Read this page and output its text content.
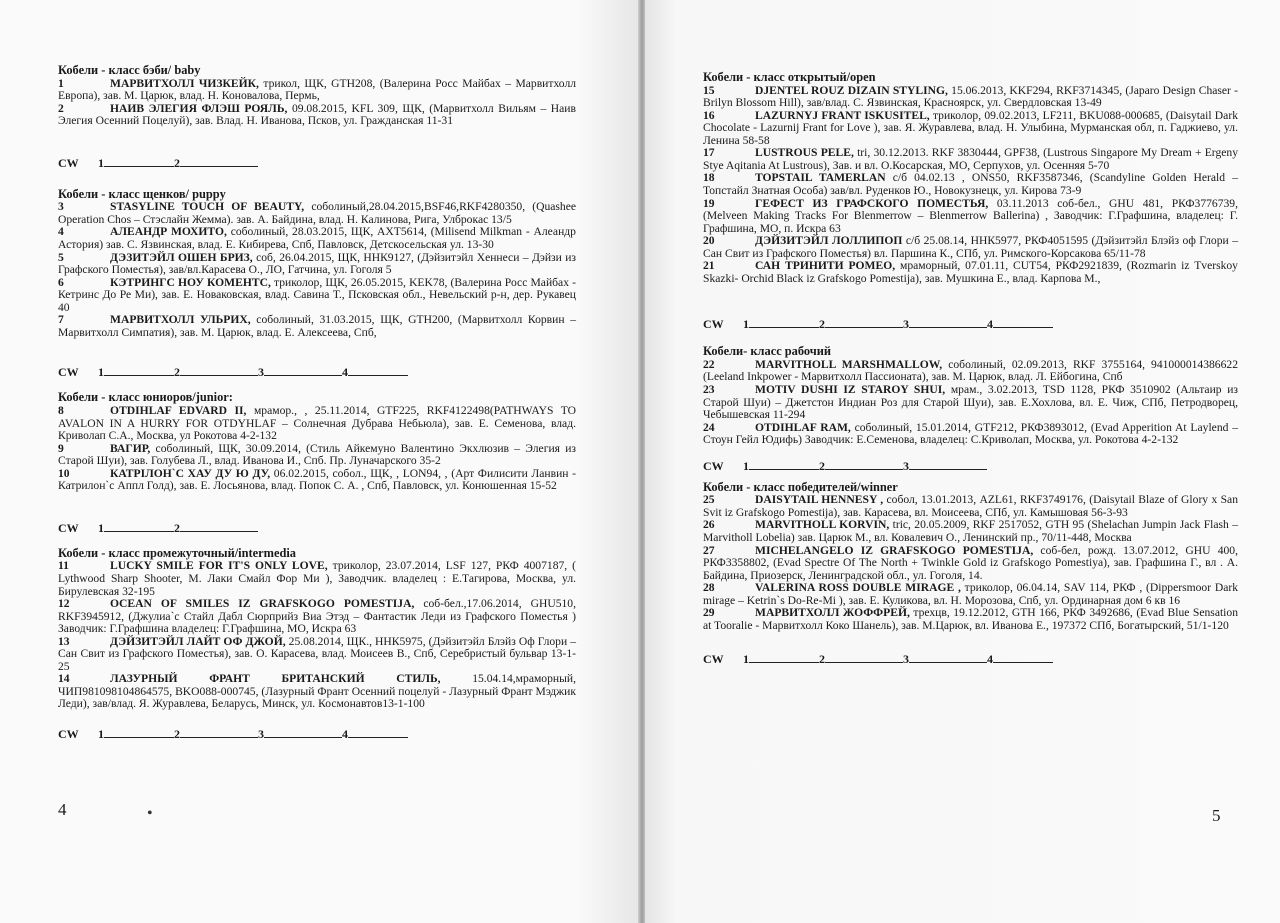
Кобели - класс бэби/ baby
1	МАРВИТХОЛЛ ЧИЗКЕЙК, трикол, ЩК, GTH208, (Валерина Росс Майбах – Марвитхолл Европа), зав. М. Царюк, влад. Н. Коновалова, Пермь,
2	НАИВ ЭЛЕГИЯ ФЛЭШ РОЯЛЬ, 09.08.2015, KFL 309, ЩК, (Марвитхолл Вильям – Наив Элегия Осенний Поцелуй), зав. Влад. Н. Иванова, Псков, ул. Гражданская 11-31
CW 1	2
Кобели - класс щенков/ puppy
3	STASYLINE TOUCH OF BEAUTY, соболиный,28.04.2015,BSF46,RKF4280350, (Quashee Operation Chos – Стэслайн Жемма). зав. А. Байдина, влад. Н. Калинова, Рига, Улброкас 13/5
4	АЛЕАНДР МОХИТО, соболиный, 28.03.2015, ЩК, AXT5614, (Milisend Milkman - Алеандр Астория) зав. С. Язвинская, влад. Е. Кибирева, Спб, Павловск, Детскосельская ул. 13-30
5	ДЭЗИТЭЙЛ ОШЕН БРИЗ, соб, 26.04.2015, ЩК, ННК9127, (Дэйзитэйл Хеннеси – Дэйзи из Графского Поместья), зав/вл.Карасева О., ЛО, Гатчина, ул. Гоголя 5
6	КЭТРИНГС НОУ КОМЕНТС, триколор, ЩК, 26.05.2015, KEK78, (Валерина Росс Майбах - Кетринс До Ре Ми), зав. Е. Новаковская, влад. Савина Т., Псковская обл., Невельский р-н, дер. Рукавец 40
7	МАРВИТХОЛЛ УЛЬРИХ, соболиный, 31.03.2015, ЩК, GTH200, (Марвитхолл Корвин – Марвитхолл Симпатия), зав. М. Царюк, влад. Е. Алексеева, Спб,
CW 1	2	3	4
Кобели - класс юниоров/junior:
8	OTDIHLAF EDVARD II, мрамор., , 25.11.2014, GTF225, RKF4122498(PATHWAYS TO AVALON IN A HURRY FOR OTDYHLAF – Солнечная Дубрава Небьюла), зав. Е. Семенова, влад. Криволап С.А., Москва, ул Рокотова 4-2-132
9	ВАГИР, соболиный, ЩК, 30.09.2014, (Стиль Айкемуно Валентино Экхлюзив – Элегия из Старой Шуи), зав. Голубева Л., влад. Иванова И., Спб. Пр. Луначарского 35-2
10	КАТРІЛОН`С ХАУ ДУ Ю ДУ, 06.02.2015, собол., ЩК, , LON94, , (Арт Филисити Ланвин - Катрилон`с Аппл Голд), зав. Е. Лосьянова, влад. Попок С. А. , Спб, Павловск, ул. Конюшенная 15-52
CW 1	2
Кобели - класс промежуточный/intermedia
11	LUCKY SMILE FOR IT'S ONLY LOVE, триколор, 23.07.2014, LSF 127, РКФ 4007187, ( Lythwood Sharp Shooter, М. Лаки Смайл Фор Ми ), Заводчик. владелец : Е.Тагирова, Москва, ул. Бирулевская 32-195
12	OCEAN OF SMILES IZ GRAFSKOGO POMESTIJA, соб-бел.,17.06.2014, GHU510, RKF3945912, (Джулиа`с Стайл Дабл Сюрприйз Виа Этэд – Фантастик Леди из Графского Поместья ) Заводчик: Г.Графшина владелец: Г.Графшина, МО, Искра 63
13	ДЭЙЗИТЭЙЛ ЛАЙТ ОФ ДЖОЙ, 25.08.2014, ЩК., ННК5975, (Дэйзитэйл Блэйз Оф Глори – Сан Свит из Графского Поместья), зав. О. Карасева, влад. Моисеев В., Спб, Серебристый бульвар 13-1-25
14	ЛАЗУРНЫЙ ФРАНТ БРИТАНСКИЙ СТИЛЬ,	15.04.14,мраморный, ЧИП981098104864575, BKO088-000745, (Лазурный Франт Осенний поцелуй - Лазурный Франт Мэджик Леди), зав/влад. Я. Журавлева, Беларусь, Минск, ул. Космонавтов13-1-100
CW 1	2	3	4
4	•
Кобели - класс открытый/open
15	DJENTEL ROUZ DIZAIN STYLING, 15.06.2013, KKF294, RKF3714345, (Japaro Design Chaser - Brilyn Blossom Hill), зав/влад. С. Язвинская, Красноярск, ул. Свердловская 13-49
16	LAZURNYJ FRANT ISKUSITEL, триколор, 09.02.2013, LF211, BKU088-000685, (Daisytail Dark Chocolate - Lazurnij Frant for Love ), зав. Я. Журавлева, влад. Н. Улыбина, Мурманская обл, п. Гаджиево, ул. Ленина 58-58
17	LUSTROUS PELE, tri, 30.12.2013. RKF 3830444, GPF38, (Lustrous Singapore My Dream + Ergeny Stye Aqitania At Lustrous), Зав. и вл. О.Косарская, МО, Серпухов, ул. Осенняя 5-70
18	TOPSTAIL TAMERLAN с/б 04.02.13 , ONS50, RKF3587346, (Scandyline Golden Herald – Топстайл Знатная Особа) зав/вл. Руденков Ю., Новокузнецк, ул. Кирова 73-9
19	ГЕФЕСТ ИЗ ГРАФСКОГО ПОМЕСТЬЯ, 03.11.2013 соб-бел., GHU 481, РКФ3776739, (Melveen Making Tracks For Blenmerrow – Blenmerrow Ballerina) , Заводчик: Г.Графшина, владелец: Г. Графшина, МО, п. Искра 63
20	ДЭЙЗИТЭЙЛ ЛОЛЛИПОП с/б 25.08.14, ННК5977, РКФ4051595 (Дэйзитэйл Блэйз оф Глори – Сан Свит из Графского Поместья) вл. Паршина К., СПб, ул. Римского-Корсакова 65/11-78
21	САН ТРИНИТИ РОМЕО, мраморный, 07.01.11, CUT54, РКФ2921839, (Rozmarin iz Tverskoy Skazki- Orchid Black iz Grafskogo Pomestija), зав. Мушкина Е., влад. Карпова М.,
CW 1	2	3	4
Кобели- класс рабочий
22	MARVITHOLL MARSHMALLOW, соболиный, 02.09.2013, RKF 3755164, 941000014386622 (Leeland Inkpower - Марвитхолл Пассионата), зав. М. Царюк, влад. Л. Ейбогина, Спб
23	MOTIV DUSHI IZ STAROY SHUI, мрам., 3.02.2013, TSD 1128, РКФ 3510902 (Альтаир из Старой Шуи) – Джетстон Индиан Роз для Старой Шуи), зав. Е.Хохлова, вл. Е. Чиж, СПб, Петродворец, Чебышевская 11-294
24	OTDIHLAF RAM, соболиный, 15.01.2014, GTF212, РКФ3893012, (Evad Apperition At Laylend – Стоун Гейл Юдифь) Заводчик: Е.Семенова, владелец: С.Криволап, Москва, ул. Рокотова 4-2-132
CW 1	2	3
Кобели - класс победителей/winner
25	DAISYTAIL HENNESY , собол, 13.01.2013, AZL61, RKF3749176, (Daisytail Blaze of Glory x San Svit iz Grafskogo Pomestija), зав. Карасева, вл. Моисеева, СПб, ул. Камышовая 56-3-93
26	MARVITHOLL KORVIN, tric, 20.05.2009, RKF 2517052, GTH 95 (Shelachan Jumpin Jack Flash – Marvitholl Lobelia) зав. Царюк М., вл. Ковалевич О., Ленинский пр., 70/11-448, Москва
27	MICHELANGELO IZ GRAFSKOGO POMESTIJA, соб-бел, рожд. 13.07.2012, GHU 400, РКФ3358802, (Evad Spectre Of The North + Twinkle Gold iz Grafskogo Pomestiya), зав. Графшина Г., вл . А. Байдина, Приозерск, Ленинградской обл., ул. Гоголя, 14.
28	VALERINA ROSS DOUBLE MIRAGE , триколор, 06.04.14, SAV 114, РКФ , (Dippersmoor Dark mirage – Ketrin`s Do-Re-Mi ), зав. Е. Куликова, вл. Н. Морозова, Спб, ул. Ординарная дом 6 кв 16
29	МАРВИТХОЛЛ ЖОФФРЕЙ, трехцв, 19.12.2012, GTH 166, РКФ 3492686, (Evad Blue Sensation at Tooralie - Марвитхолл Коко Шанель), зав. М.Царюк, вл. Иванова Е., 197372 СПб, Богатырский, 51/1-120
CW 1	2	3	4
5
